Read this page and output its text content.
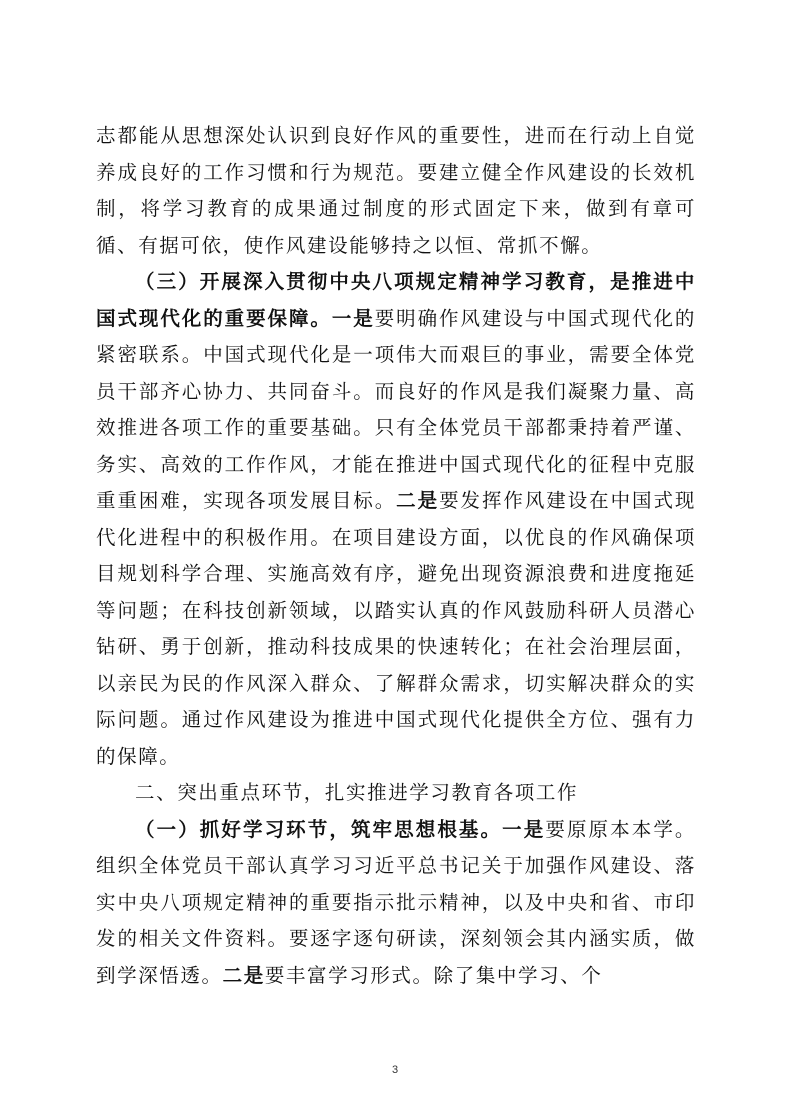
志都能从思想深处认识到良好作风的重要性，进而在行动上自觉养成良好的工作习惯和行为规范。要建立健全作风建设的长效机制，将学习教育的成果通过制度的形式固定下来，做到有章可循、有据可依，使作风建设能够持之以恒、常抓不懈。

（三）开展深入贯彻中央八项规定精神学习教育，是推进中国式现代化的重要保障。一是要明确作风建设与中国式现代化的紧密联系。中国式现代化是一项伟大而艰巨的事业，需要全体党员干部齐心协力、共同奋斗。而良好的作风是我们凝聚力量、高效推进各项工作的重要基础。只有全体党员干部都秉持着严谨、务实、高效的工作作风，才能在推进中国式现代化的征程中克服重重困难，实现各项发展目标。二是要发挥作风建设在中国式现代化进程中的积极作用。在项目建设方面，以优良的作风确保项目规划科学合理、实施高效有序，避免出现资源浪费和进度拖延等问题；在科技创新领域，以踏实认真的作风鼓励科研人员潜心钻研、勇于创新，推动科技成果的快速转化；在社会治理层面，以亲民为民的作风深入群众、了解群众需求，切实解决群众的实际问题。通过作风建设为推进中国式现代化提供全方位、强有力的保障。

二、突出重点环节，扎实推进学习教育各项工作

（一）抓好学习环节，筑牢思想根基。一是要原原本本学。组织全体党员干部认真学习习近平总书记关于加强作风建设、落实中央八项规定精神的重要指示批示精神，以及中央和省、市印发的相关文件资料。要逐字逐句研读，深刻领会其内涵实质，做到学深悟透。二是要丰富学习形式。除了集中学习、个

3
